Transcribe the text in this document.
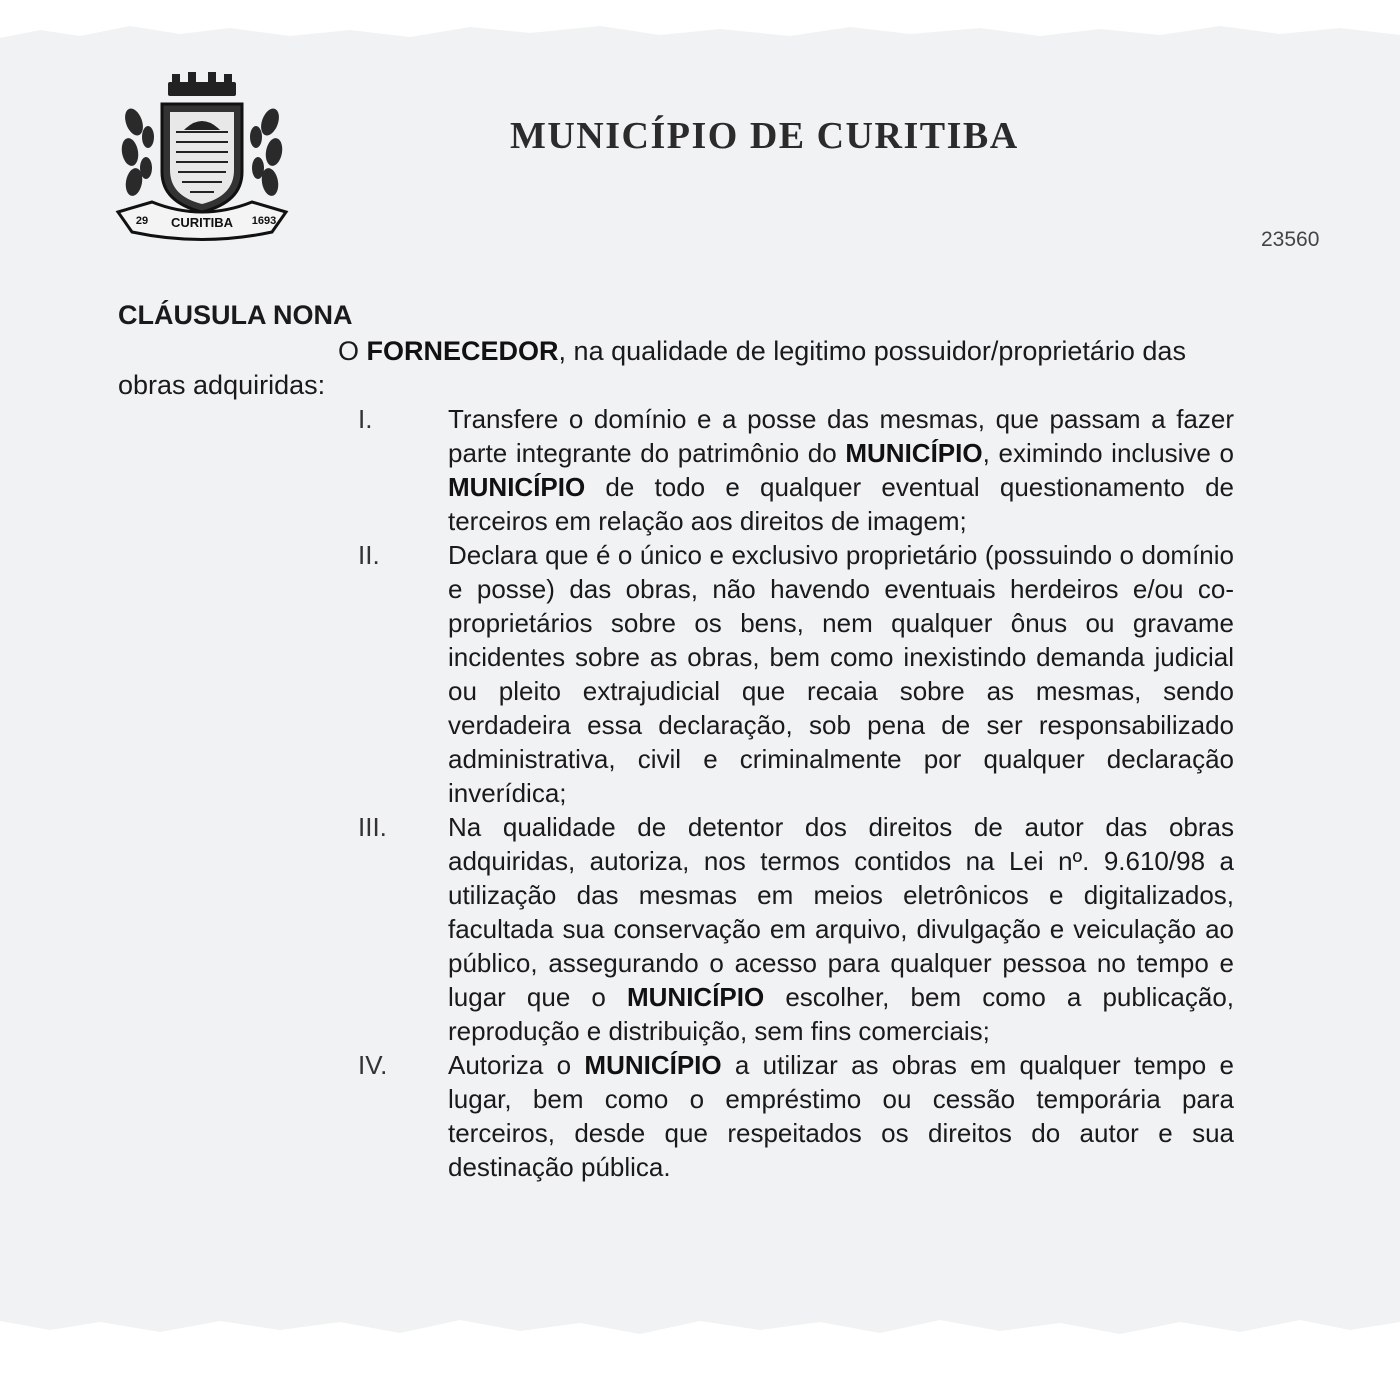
CURITIBA
29	1693
MUNICÍPIO DE CURITIBA
23560
CLÁUSULA NONA
O FORNECEDOR, na qualidade de legitimo possuidor/proprietário das obras adquiridas:
I.	Transfere o domínio e a posse das mesmas, que passam a fazer parte integrante do patrimônio do MUNICÍPIO, eximindo inclusive o MUNICÍPIO de todo e qualquer eventual questionamento de terceiros em relação aos direitos de imagem;
II.	Declara que é o único e exclusivo proprietário (possuindo o domínio e posse) das obras, não havendo eventuais herdeiros e/ou co-proprietários sobre os bens, nem qualquer ônus ou gravame incidentes sobre as obras, bem como inexistindo demanda judicial ou pleito extrajudicial que recaia sobre as mesmas, sendo verdadeira essa declaração, sob pena de ser responsabilizado administrativa, civil e criminalmente por qualquer declaração inverídica;
III.	Na qualidade de detentor dos direitos de autor das obras adquiridas, autoriza, nos termos contidos na Lei nº. 9.610/98 a utilização das mesmas em meios eletrônicos e digitalizados, facultada sua conservação em arquivo, divulgação e veiculação ao público, assegurando o acesso para qualquer pessoa no tempo e lugar que o MUNICÍPIO escolher, bem como a publicação, reprodução e distribuição, sem fins comerciais;
IV.	Autoriza o MUNICÍPIO a utilizar as obras em qualquer tempo e lugar, bem como o empréstimo ou cessão temporária para terceiros, desde que respeitados os direitos do autor e sua destinação pública.
